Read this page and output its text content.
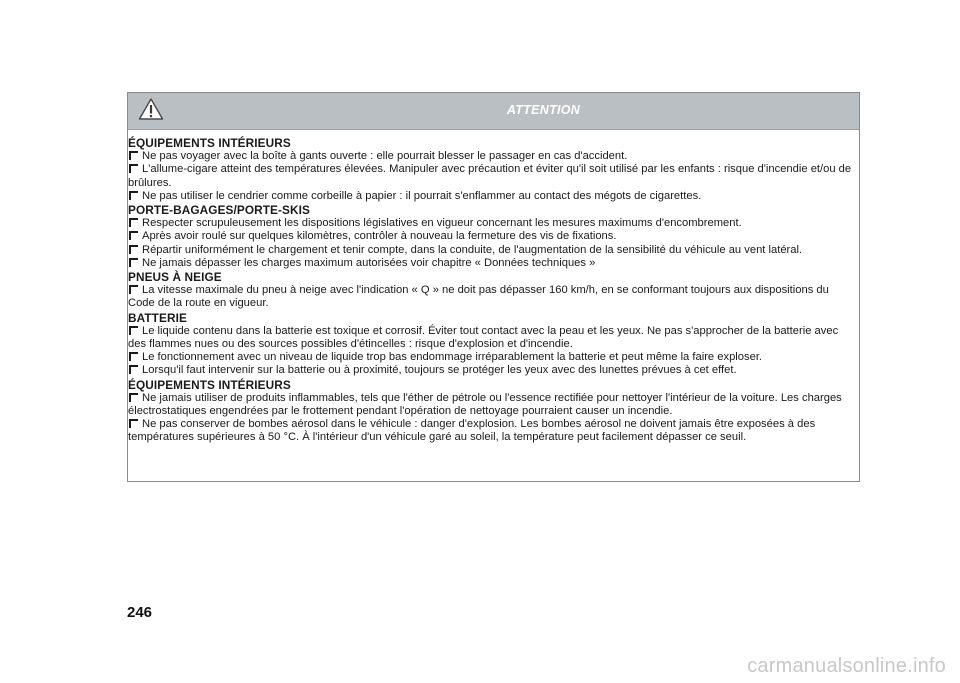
ATTENTION
ÉQUIPEMENTS INTÉRIEURS
Ne pas voyager avec la boîte à gants ouverte : elle pourrait blesser le passager en cas d'accident.
L'allume-cigare atteint des températures élevées. Manipuler avec précaution et éviter qu'il soit utilisé par les enfants : risque d'incendie et/ou de brûlures.
Ne pas utiliser le cendrier comme corbeille à papier : il pourrait s'enflammer au contact des mégots de cigarettes.
PORTE-BAGAGES/PORTE-SKIS
Respecter scrupuleusement les dispositions législatives en vigueur concernant les mesures maximums d'encombrement.
Après avoir roulé sur quelques kilomètres, contrôler à nouveau la fermeture des vis de fixations.
Répartir uniformément le chargement et tenir compte, dans la conduite, de l'augmentation de la sensibilité du véhicule au vent latéral.
Ne jamais dépasser les charges maximum autorisées voir chapitre « Données techniques »
PNEUS À NEIGE
La vitesse maximale du pneu à neige avec l'indication « Q » ne doit pas dépasser 160 km/h, en se conformant toujours aux dispositions du Code de la route en vigueur.
BATTERIE
Le liquide contenu dans la batterie est toxique et corrosif. Éviter tout contact avec la peau et les yeux. Ne pas s'approcher de la batterie avec des flammes nues ou des sources possibles d'étincelles : risque d'explosion et d'incendie.
Le fonctionnement avec un niveau de liquide trop bas endommage irréparablement la batterie et peut même la faire exploser.
Lorsqu'il faut intervenir sur la batterie ou à proximité, toujours se protéger les yeux avec des lunettes prévues à cet effet.
ÉQUIPEMENTS INTÉRIEURS
Ne jamais utiliser de produits inflammables, tels que l'éther de pétrole ou l'essence rectifiée pour nettoyer l'intérieur de la voiture. Les charges électrostatiques engendrées par le frottement pendant l'opération de nettoyage pourraient causer un incendie.
Ne pas conserver de bombes aérosol dans le véhicule : danger d'explosion. Les bombes aérosol ne doivent jamais être exposées à des températures supérieures à 50 °C. À l'intérieur d'un véhicule garé au soleil, la température peut facilement dépasser ce seuil.
246
carmanualsonline.info
